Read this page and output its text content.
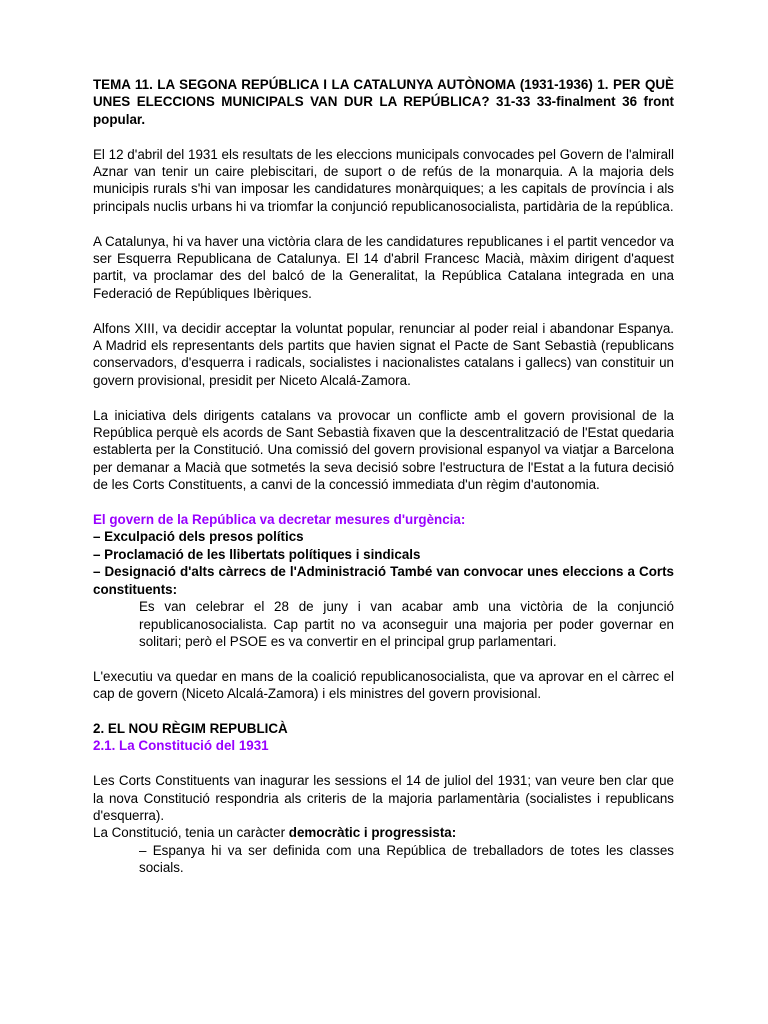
TEMA 11. LA SEGONA REPÚBLICA I LA CATALUNYA AUTÒNOMA (1931-1936) 1. PER QUÈ UNES ELECCIONS MUNICIPALS VAN DUR LA REPÚBLICA? 31-33 33-finalment 36 front popular.

El 12 d'abril del 1931 els resultats de les eleccions municipals convocades pel Govern de l'almirall Aznar van tenir un caire plebiscitari, de suport o de refús de la monarquia. A la majoria dels municipis rurals s'hi van imposar les candidatures monàrquiques; a les capitals de província i als principals nuclis urbans hi va triomfar la conjunció republicanosocialista, partidària de la república.

A Catalunya, hi va haver una victòria clara de les candidatures republicanes i el partit vencedor va ser Esquerra Republicana de Catalunya. El 14 d'abril Francesc Macià, màxim dirigent d'aquest partit, va proclamar des del balcó de la Generalitat, la República Catalana integrada en una Federació de Repúbliques Ibèriques.

Alfons XIII, va decidir acceptar la voluntat popular, renunciar al poder reial i abandonar Espanya. A Madrid els representants dels partits que havien signat el Pacte de Sant Sebastià (republicans conservadors, d'esquerra i radicals, socialistes i nacionalistes catalans i gallecs) van constituir un govern provisional, presidit per Niceto Alcalá-Zamora.

La iniciativa dels dirigents catalans va provocar un conflicte amb el govern provisional de la República perquè els acords de Sant Sebastià fixaven que la descentralització de l'Estat quedaria establerta per la Constitució. Una comissió del govern provisional espanyol va viatjar a Barcelona per demanar a Macià que sotmetés la seva decisió sobre l'estructura de l'Estat a la futura decisió de les Corts Constituents, a canvi de la concessió immediata d'un règim d'autonomia.

El govern de la República va decretar mesures d'urgència:

– Exculpació dels presos polítics

– Proclamació de les llibertats polítiques i sindicals

– Designació d'alts càrrecs de l'Administració També van convocar unes eleccions a Corts constituents:

Es van celebrar el 28 de juny i van acabar amb una victòria de la conjunció republicanosocialista. Cap partit no va aconseguir una majoria per poder governar en solitari; però el PSOE es va convertir en el principal grup parlamentari.

L'executiu va quedar en mans de la coalició republicanosocialista, que va aprovar en el càrrec el cap de govern (Niceto Alcalá-Zamora) i els ministres del govern provisional.

2. EL NOU RÈGIM REPUBLICÀ

2.1. La Constitució del 1931

Les Corts Constituents van inagurar les sessions el 14 de juliol del 1931; van veure ben clar que la nova Constitució respondria als criteris de la majoria parlamentària (socialistes i republicans d'esquerra).

La Constitució, tenia un caràcter democràtic i progressista:

– Espanya hi va ser definida com una República de treballadors de totes les classes socials.
